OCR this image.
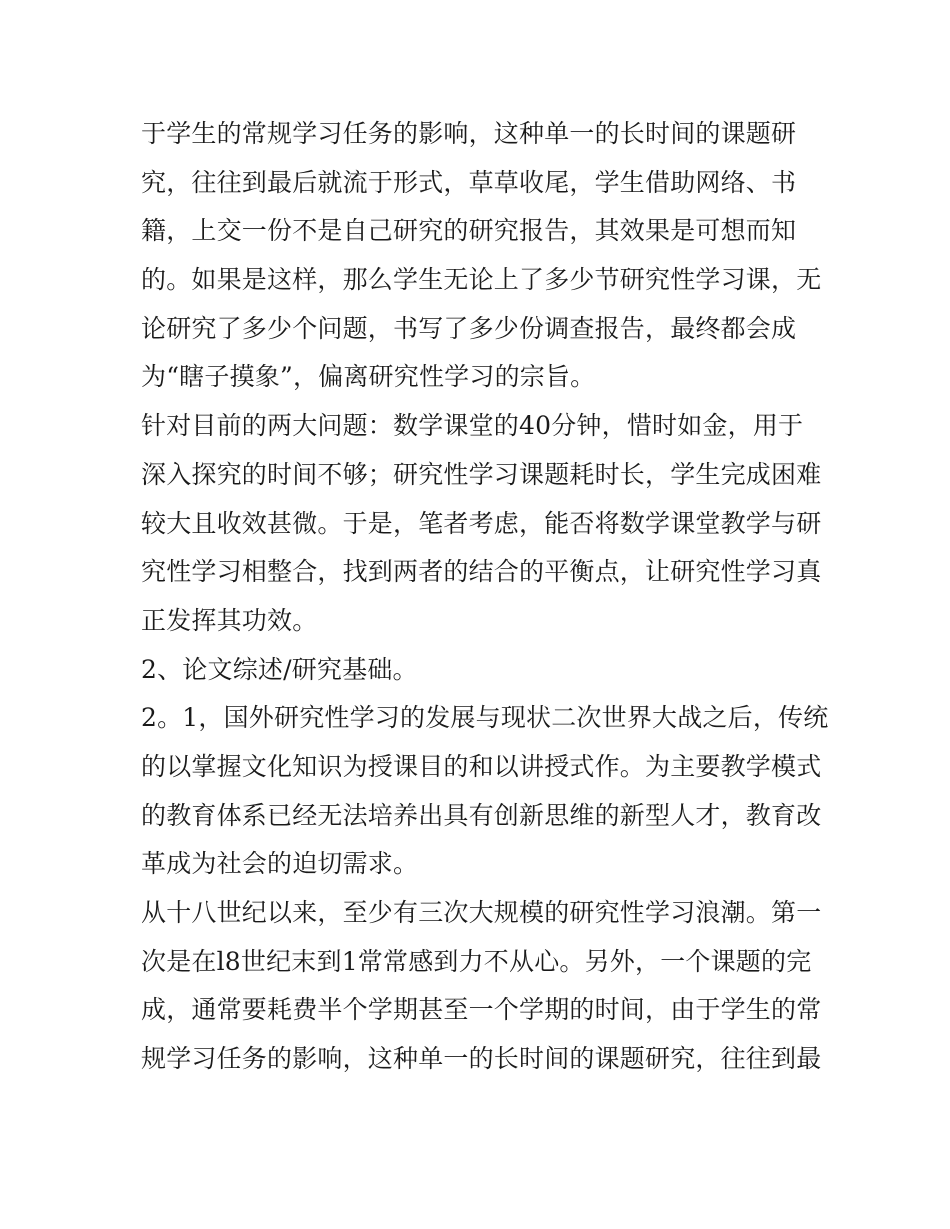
于学生的常规学习任务的影响，这种单一的长时间的课题研
究，往往到最后就流于形式，草草收尾，学生借助网络、书
籍，上交一份不是自己研究的研究报告，其效果是可想而知
的。如果是这样，那么学生无论上了多少节研究性学习课，无
论研究了多少个问题，书写了多少份调查报告，最终都会成
为“瞎子摸象”，偏离研究性学习的宗旨。
针对目前的两大问题：数学课堂的40分钟，惜时如金，用于
深入探究的时间不够；研究性学习课题耗时长，学生完成困难
较大且收效甚微。于是，笔者考虑，能否将数学课堂教学与研
究性学习相整合，找到两者的结合的平衡点，让研究性学习真
正发挥其功效。
2、论文综述/研究基础。
2。1，国外研究性学习的发展与现状二次世界大战之后，传统
的以掌握文化知识为授课目的和以讲授式作。为主要教学模式
的教育体系已经无法培养出具有创新思维的新型人才，教育改
革成为社会的迫切需求。
从十八世纪以来，至少有三次大规模的研究性学习浪潮。第一
次是在l8世纪末到1常常感到力不从心。另外，一个课题的完
成，通常要耗费半个学期甚至一个学期的时间，由于学生的常
规学习任务的影响，这种单一的长时间的课题研究，往往到最
